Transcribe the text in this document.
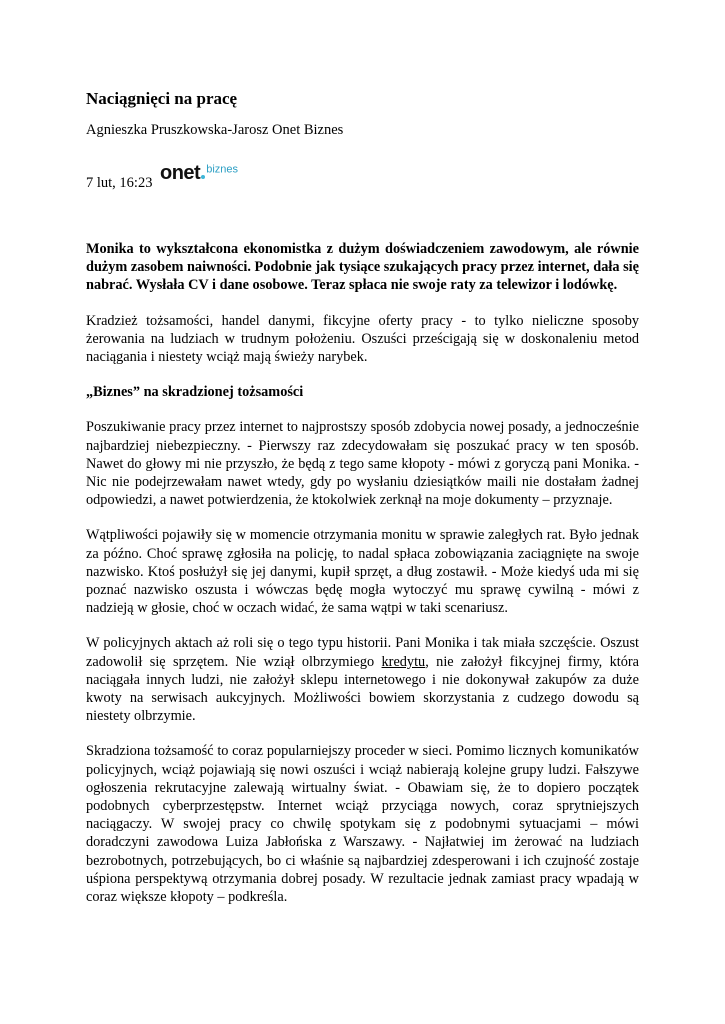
Naciągnięci na pracę
Agnieszka Pruszkowska-Jarosz Onet Biznes
7 lut, 16:23 onet $^{biznes}$

Monika to wykształcona ekonomistka z dużym doświadczeniem zawodowym, ale równie dużym zasobem naiwności. Podobnie jak tysiące szukających pracy przez internet, dała się nabrać. Wysłała CV i dane osobowe. Teraz spłaca nie swoje raty za telewizor i lodówkę.

Kradzież tożsamości, handel danymi, fikcyjne oferty pracy - to tylko nieliczne sposoby żerowania na ludziach w trudnym położeniu. Oszuści prześcigają się w doskonaleniu metod naciągania i niestety wciąż mają świeży narybek.

„Biznes” na skradzionej tożsamości

Poszukiwanie pracy przez internet to najprostszy sposób zdobycia nowej posady, a jednocześnie najbardziej niebezpieczny. - Pierwszy raz zdecydowałam się poszukać pracy w ten sposób. Nawet do głowy mi nie przyszło, że będą z tego same kłopoty - mówi z goryczą pani Monika. - Nic nie podejrzewałam nawet wtedy, gdy po wysłaniu dziesiątków maili nie dostałam żadnej odpowiedzi, a nawet potwierdzenia, że ktokolwiek zerknął na moje dokumenty – przyznaje.

Wątpliwości pojawiły się w momencie otrzymania monitu w sprawie zaległych rat. Było jednak za późno. Choć sprawę zgłosiła na policję, to nadal spłaca zobowiązania zaciągnięte na swoje nazwisko. Ktoś posłużył się jej danymi, kupił sprzęt, a dług zostawił. - Może kiedyś uda mi się poznać nazwisko oszusta i wówczas będę mogła wytoczyć mu sprawę cywilną - mówi z nadzieją w głosie, choć w oczach widać, że sama wątpi w taki scenariusz.

W policyjnych aktach aż roli się o tego typu historii. Pani Monika i tak miała szczęście. Oszust zadowolił się sprzętem. Nie wziął olbrzymiego kredytu, nie założył fikcyjnej firmy, która naciągała innych ludzi, nie założył sklepu internetowego i nie dokonywał zakupów za duże kwoty na serwisach aukcyjnych. Możliwości bowiem skorzystania z cudzego dowodu są niestety olbrzymie.

Skradziona tożsamość to coraz popularniejszy proceder w sieci. Pomimo licznych komunikatów policyjnych, wciąż pojawiają się nowi oszuści i wciąż nabierają kolejne grupy ludzi. Fałszywe ogłoszenia rekrutacyjne zalewają wirtualny świat. - Obawiam się, że to dopiero początek podobnych cyberprzestępstw. Internet wciąż przyciąga nowych, coraz sprytniejszych naciągaczy. W swojej pracy co chwilę spotykam się z podobnymi sytuacjami – mówi doradczyni zawodowa Luiza Jabłońska z Warszawy. - Najłatwiej im żerować na ludziach bezrobotnych, potrzebujących, bo ci właśnie są najbardziej zdesperowani i ich czujność zostaje uśpiona perspektywą otrzymania dobrej posady. W rezultacie jednak zamiast pracy wpadają w coraz większe kłopoty – podkreśla.
